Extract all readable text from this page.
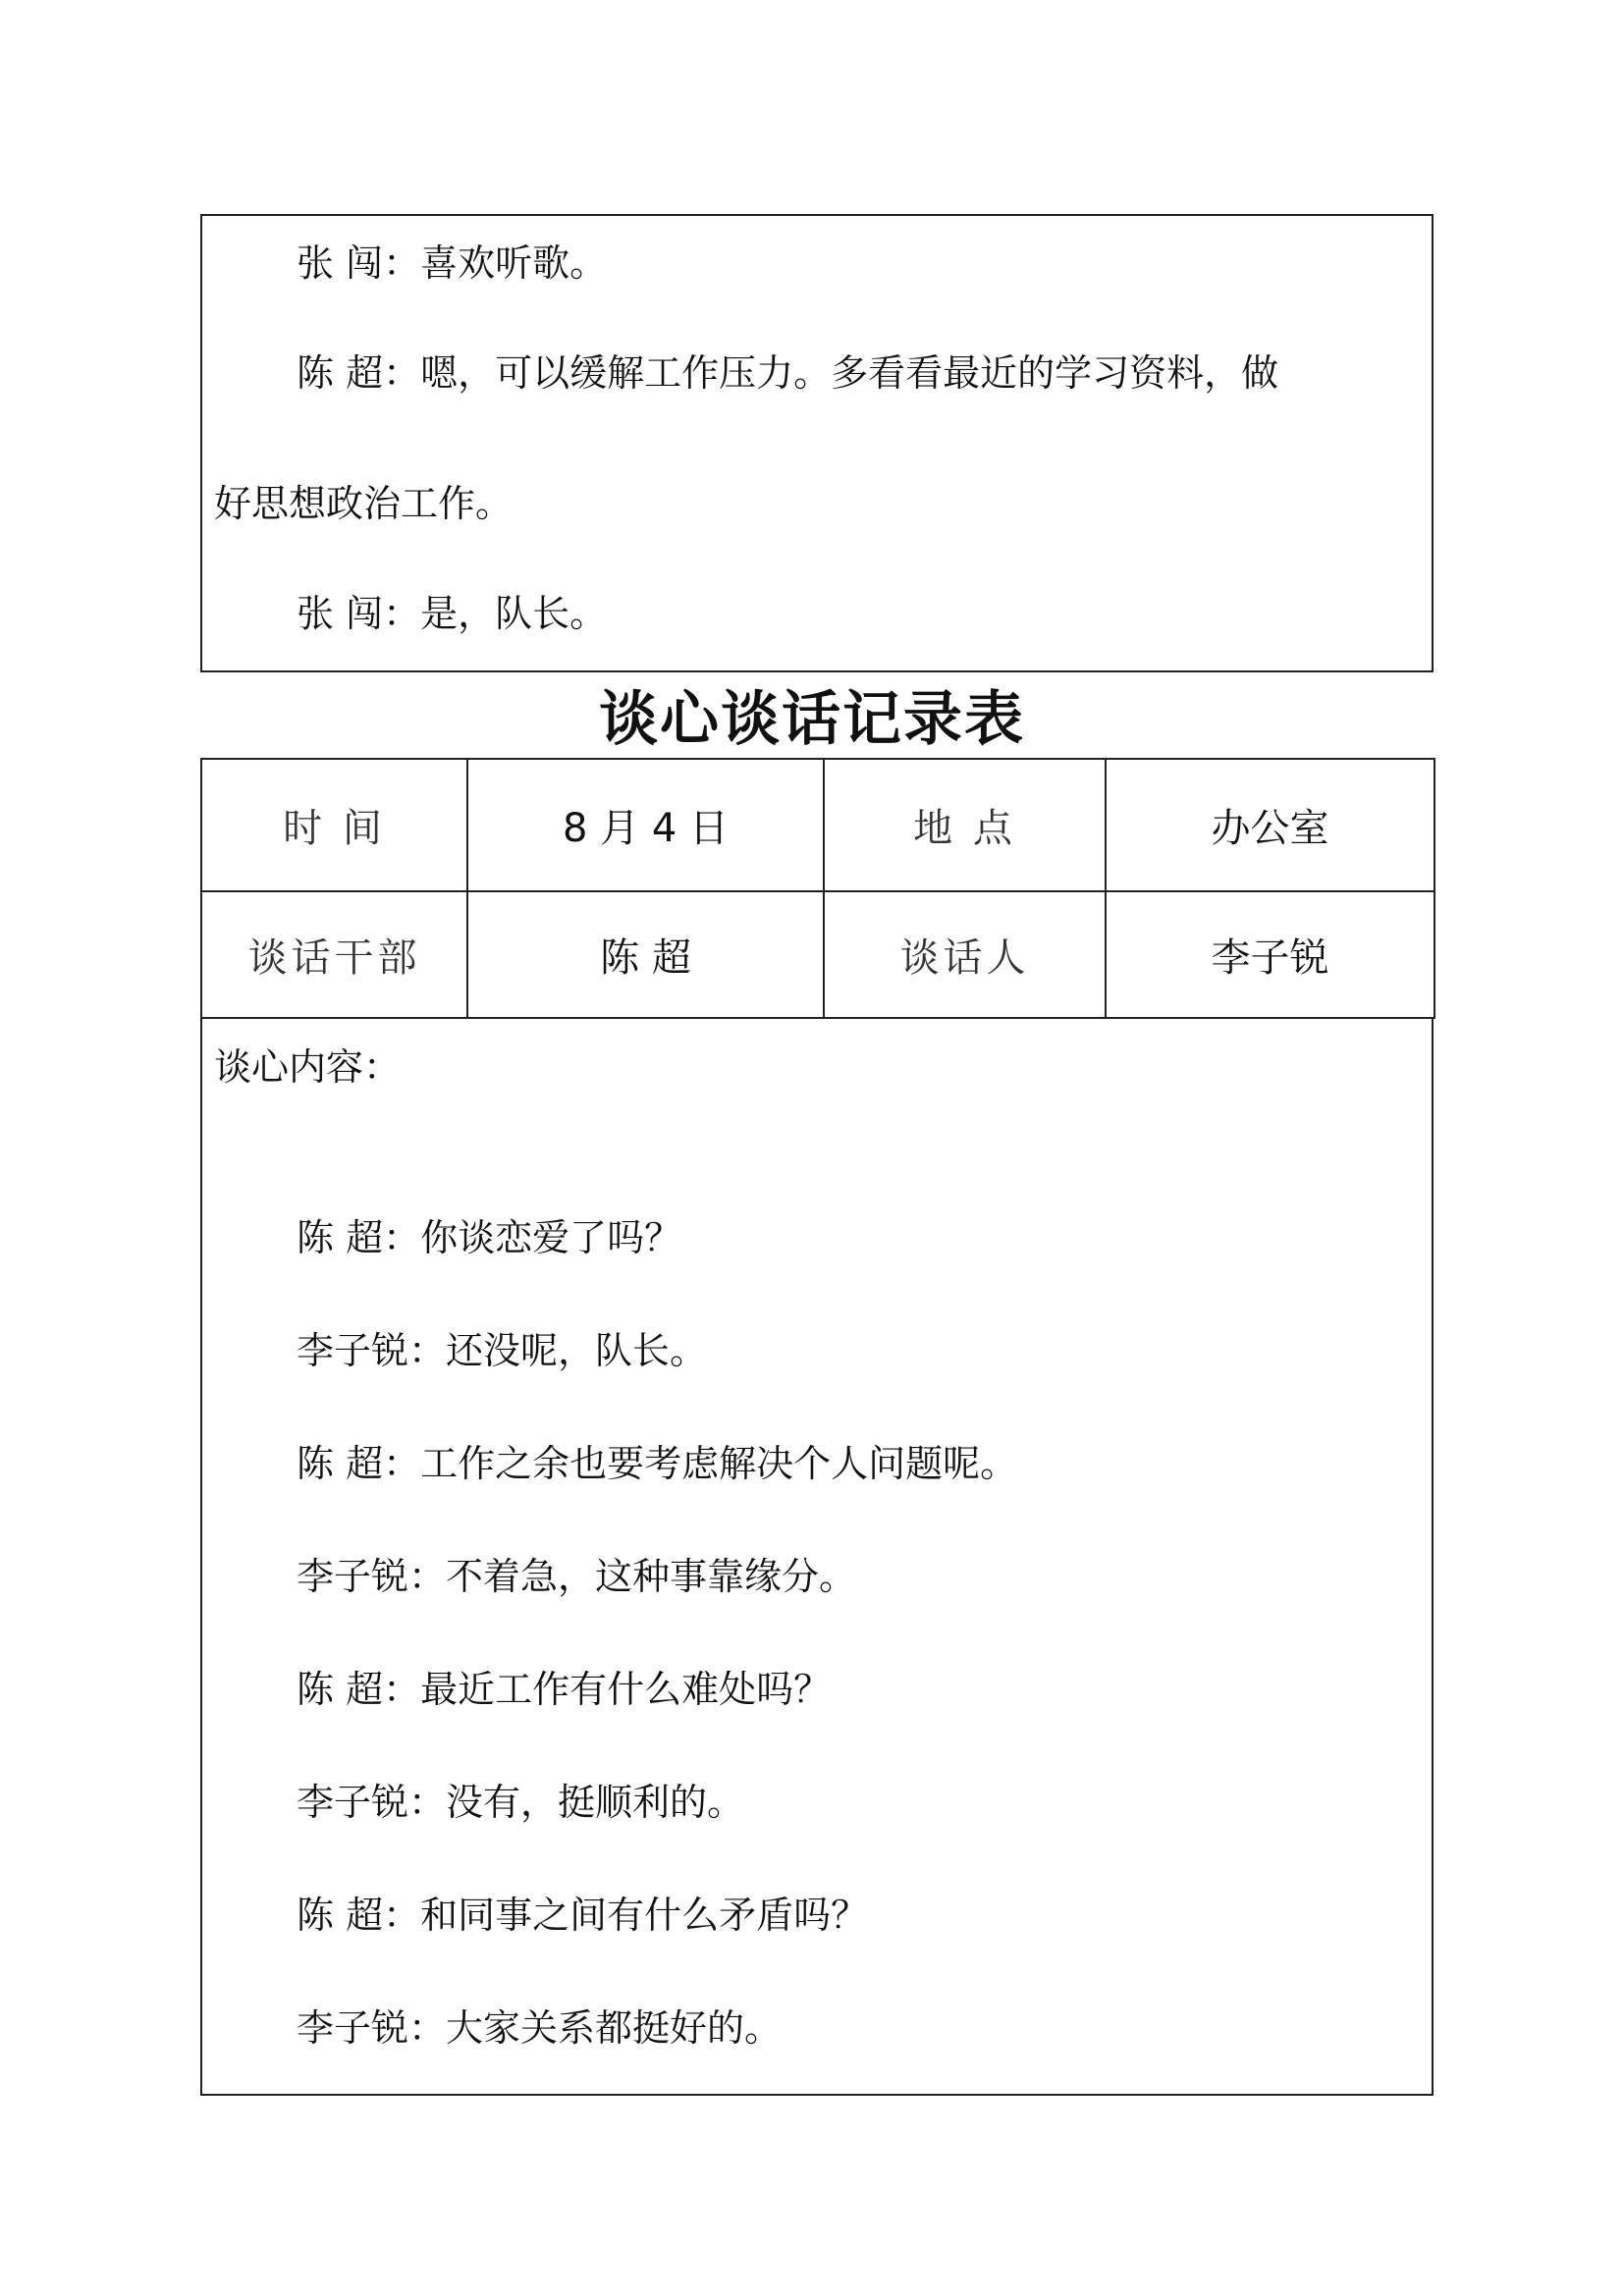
张 闯：喜欢听歌。
陈 超：嗯，可以缓解工作压力。多看看最近的学习资料，做
好思想政治工作。
张 闯：是，队长。
谈心谈话记录表
时 间	8 月 4 日	地 点	办公室
谈话干部	陈 超	谈话人	李子锐
谈心内容：
陈 超：你谈恋爱了吗？
李子锐：还没呢，队长。
陈 超：工作之余也要考虑解决个人问题呢。
李子锐：不着急，这种事靠缘分。
陈 超：最近工作有什么难处吗？
李子锐：没有，挺顺利的。
陈 超：和同事之间有什么矛盾吗？
李子锐：大家关系都挺好的。
